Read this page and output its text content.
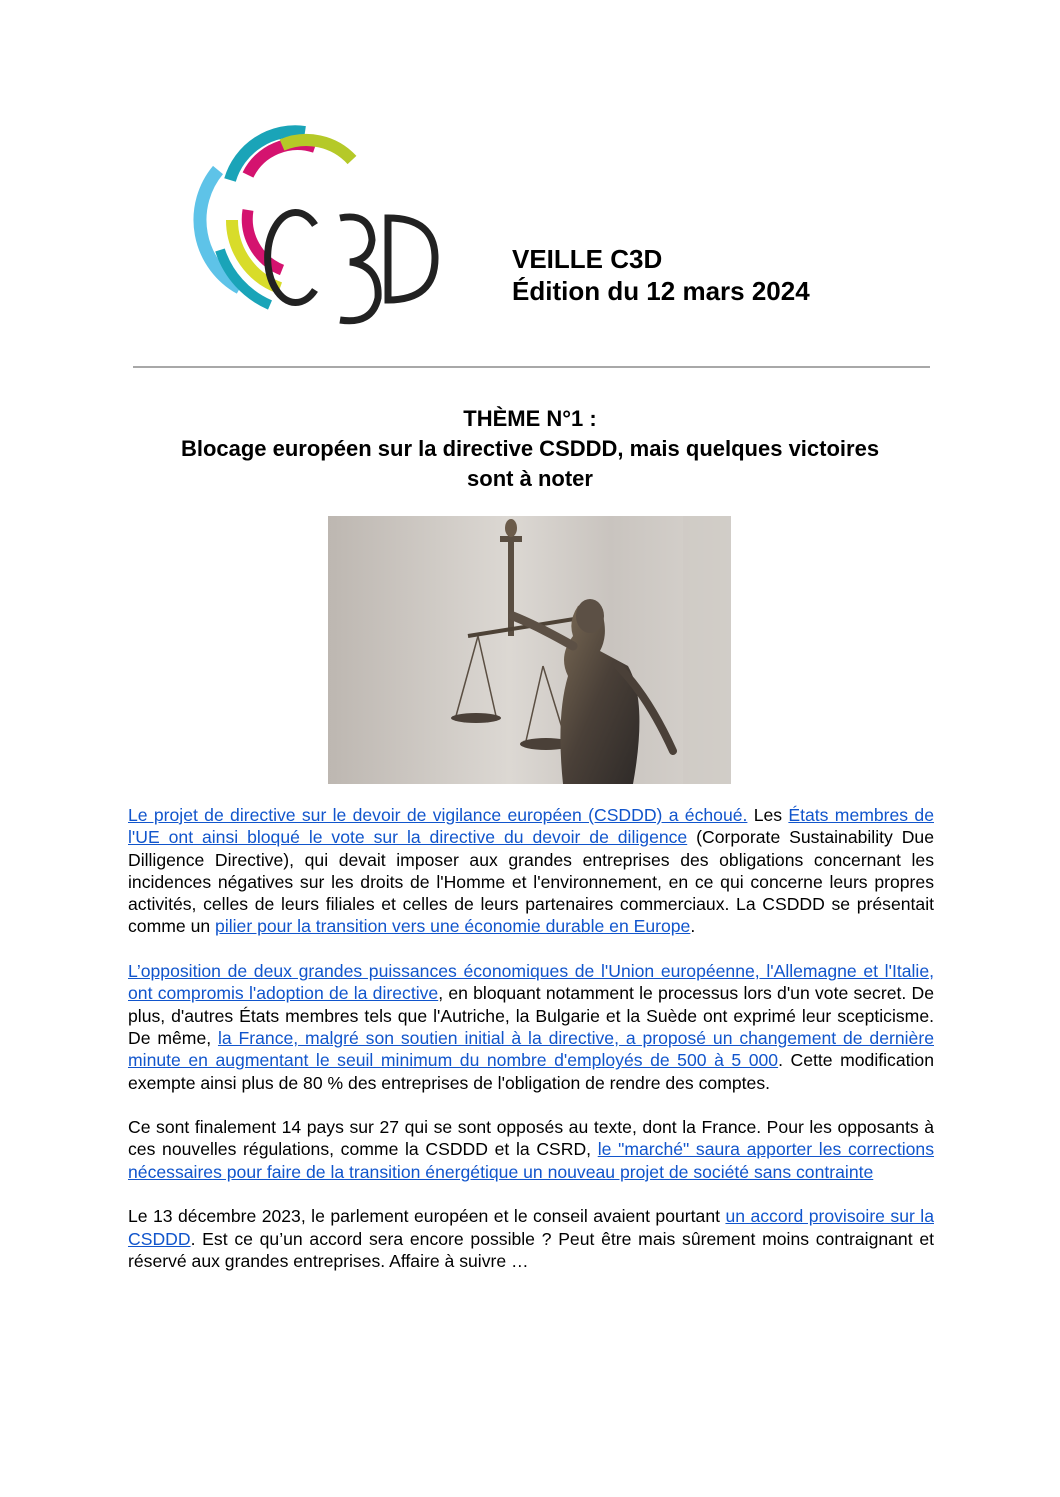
C3D
VEILLE C3D
Édition du 12 mars 2024
THÈME N°1 :
Blocage européen sur la directive CSDDD, mais quelques victoires
sont à noter

Le projet de directive sur le devoir de vigilance européen (CSDDD) a échoué. Les États membres de l'UE ont ainsi bloqué le vote sur la directive du devoir de diligence (Corporate Sustainability Due Dilligence Directive), qui devait imposer aux grandes entreprises des obligations concernant les incidences négatives sur les droits de l'Homme et l'environnement, en ce qui concerne leurs propres activités, celles de leurs filiales et celles de leurs partenaires commerciaux. La CSDDD se présentait comme un pilier pour la transition vers une économie durable en Europe.

L’opposition de deux grandes puissances économiques de l'Union européenne, l'Allemagne et l'Italie, ont compromis l'adoption de la directive, en bloquant notamment le processus lors d'un vote secret. De plus, d'autres États membres tels que l'Autriche, la Bulgarie et la Suède ont exprimé leur scepticisme. De même, la France, malgré son soutien initial à la directive, a proposé un changement de dernière minute en augmentant le seuil minimum du nombre d'employés de 500 à 5 000. Cette modification exempte ainsi plus de 80 % des entreprises de l'obligation de rendre des comptes.

Ce sont finalement 14 pays sur 27 qui se sont opposés au texte, dont la France. Pour les opposants à ces nouvelles régulations, comme la CSDDD et la CSRD, le "marché" saura apporter les corrections nécessaires pour faire de la transition énergétique un nouveau projet de société sans contrainte

Le 13 décembre 2023, le parlement européen et le conseil avaient pourtant un accord provisoire sur la CSDDD. Est ce qu’un accord sera encore possible ? Peut être mais sûrement moins contraignant et réservé aux grandes entreprises. Affaire à suivre …
